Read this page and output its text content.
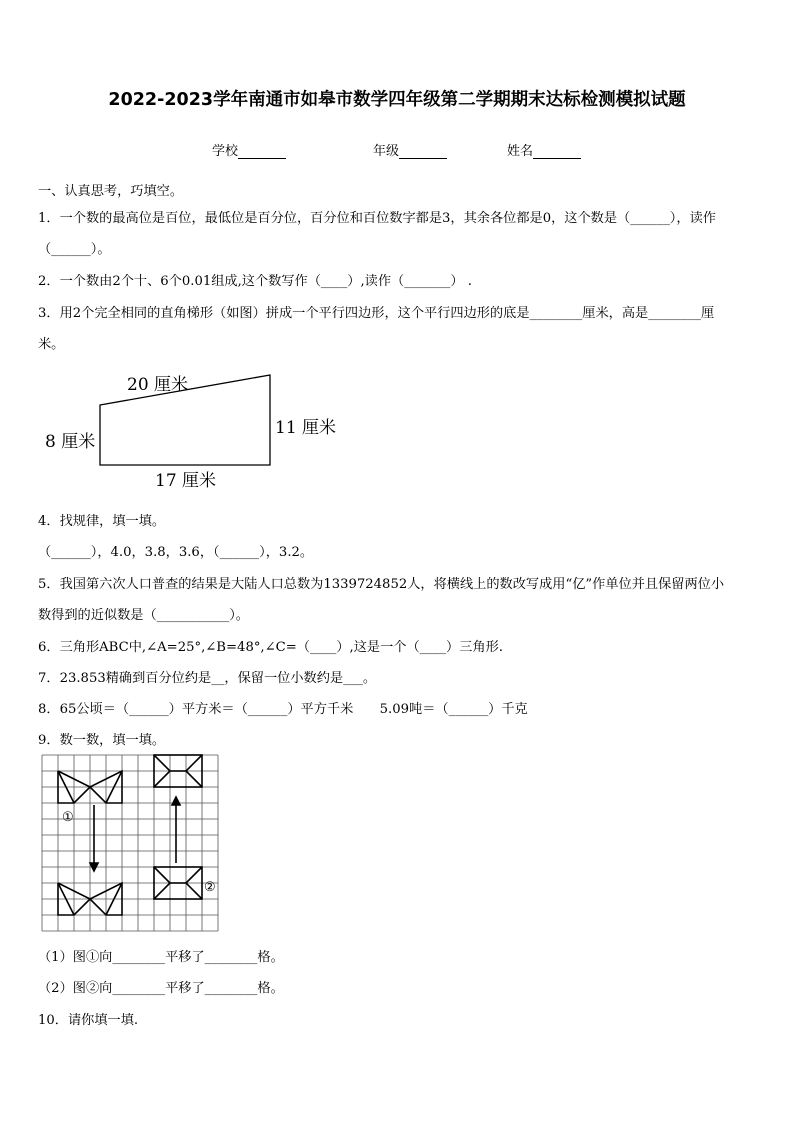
2022-2023学年南通市如皋市数学四年级第二学期期末达标检测模拟试题
学校	年级	姓名
一、认真思考，巧填空。
1．一个数的最高位是百位，最低位是百分位，百分位和百位数字都是3，其余各位都是0，这个数是（______），读作
（______）。
2．一个数由2个十、6个0.01组成,这个数写作（____）,读作（_______） .
3．用2个完全相同的直角梯形（如图）拼成一个平行四边形，这个平行四边形的底是________厘米，高是________厘
米。
20 厘米
8 厘米
11 厘米
17 厘米
4．找规律，填一填。
（______），4.0，3.8，3.6，（______），3.2。
5．我国第六次人口普查的结果是大陆人口总数为1339724852人，将横线上的数改写成用“亿”作单位并且保留两位小
数得到的近似数是（___________）。
6．三角形ABC中,∠A=25°,∠B=48°,∠C=（____）,这是一个（____）三角形.
7．23.853精确到百分位约是__，保留一位小数约是___。
8．65公顷＝（______）平方米＝（______）平方千米　　5.09吨＝（______）千克
9．数一数，填一填。
①
②
（1）图①向________平移了________格。
（2）图②向________平移了________格。
10．请你填一填.
